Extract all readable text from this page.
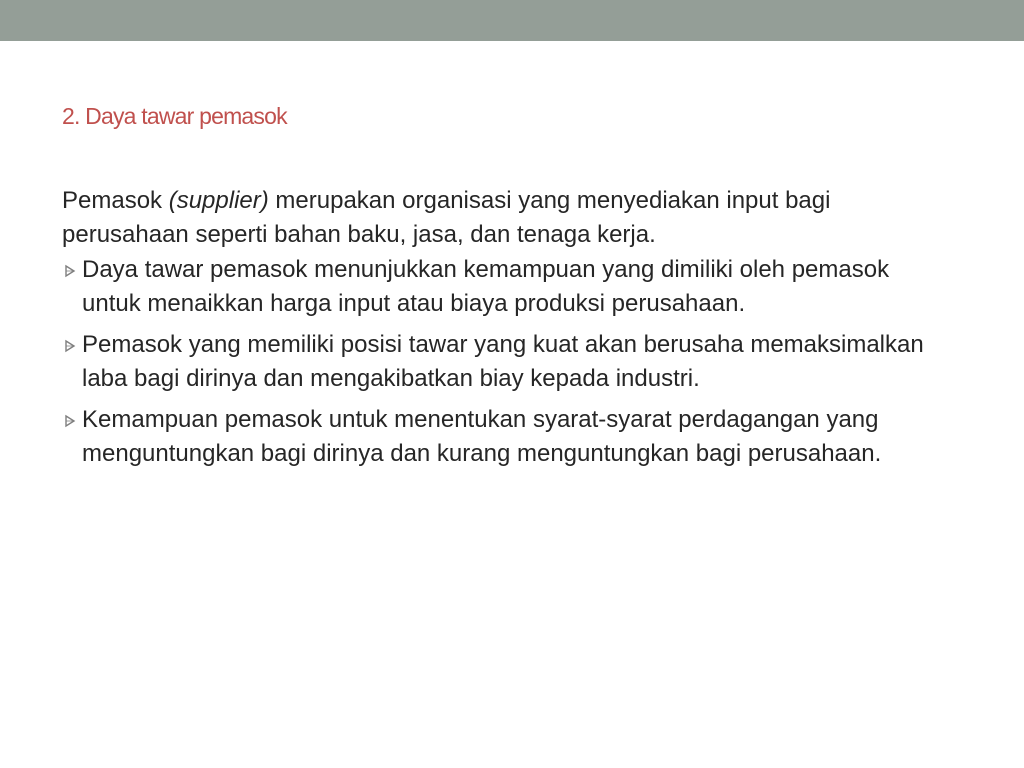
2. Daya tawar pemasok

Pemasok (supplier) merupakan organisasi yang menyediakan input bagi perusahaan seperti bahan baku, jasa, dan tenaga kerja.

Daya tawar pemasok menunjukkan kemampuan yang dimiliki oleh pemasok untuk menaikkan harga input atau biaya produksi perusahaan.
Pemasok yang memiliki posisi tawar yang kuat akan berusaha memaksimalkan laba bagi dirinya dan mengakibatkan biay kepada industri.
Kemampuan pemasok untuk menentukan syarat-syarat perdagangan yang menguntungkan bagi dirinya dan kurang menguntungkan bagi perusahaan.
